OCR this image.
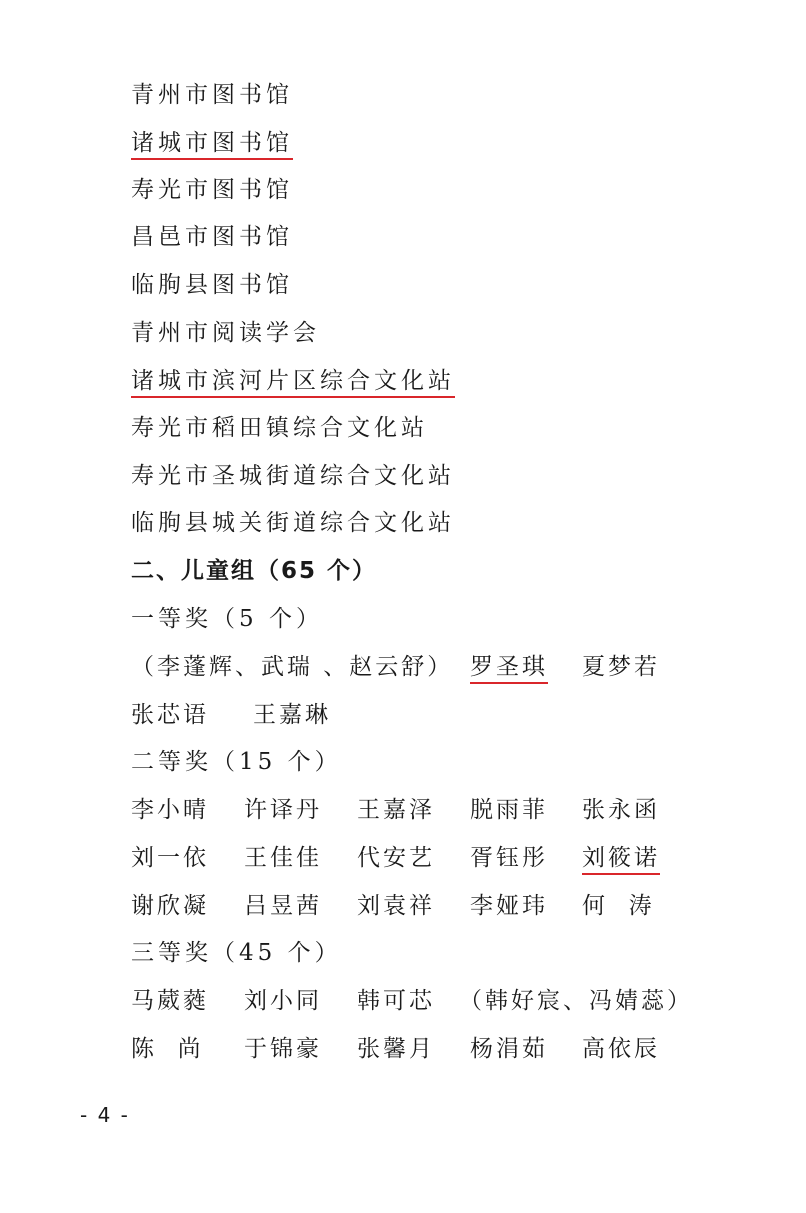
青州市图书馆
诸城市图书馆
寿光市图书馆
昌邑市图书馆
临朐县图书馆
青州市阅读学会
诸城市滨河片区综合文化站
寿光市稻田镇综合文化站
寿光市圣城街道综合文化站
临朐县城关街道综合文化站
二、儿童组（65 个）
一等奖（5 个）
（李蓬辉、武瑞 、赵云舒） 罗圣琪 夏梦若
张芯语 王嘉琳
二等奖（15 个）
李小晴 许译丹 王嘉泽 脱雨菲 张永函
刘一依 王佳佳 代安艺 胥钰彤 刘筱诺
谢欣凝 吕昱茜 刘袁祥 李娅玮 何  涛
三等奖（45 个）
马葳蕤 刘小同 韩可芯 （韩好宸、冯婧蕊）
陈  尚 于锦豪 张馨月 杨涓茹 高依辰
- 4 -
